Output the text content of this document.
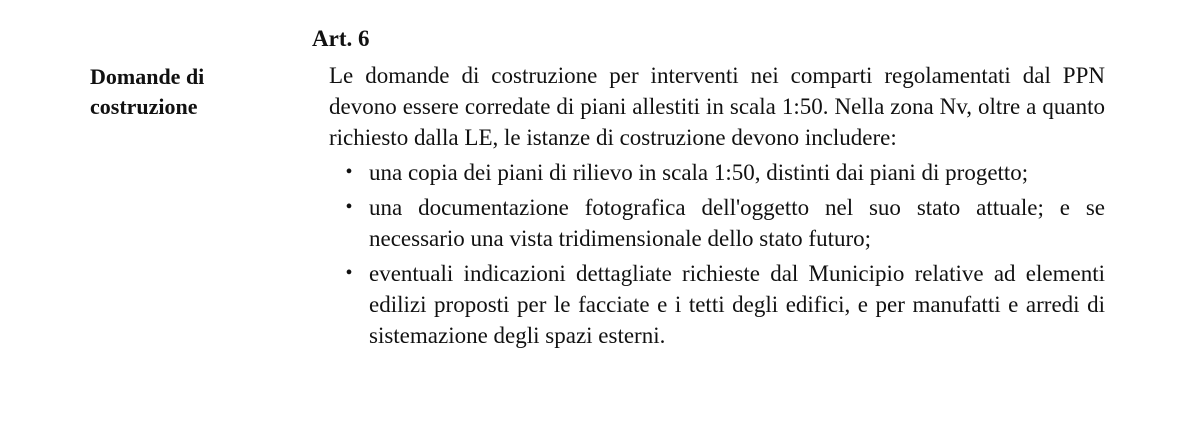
Art. 6
Domande di
costruzione

Le domande di costruzione per interventi nei comparti regolamentati dal PPN devono essere corredate di piani allestiti in scala 1:50. Nella zona Nv, oltre a quanto richiesto dalla LE, le istanze di costruzione devono includere:

• una copia dei piani di rilievo in scala 1:50, distinti dai piani di progetto;
• una documentazione fotografica dell'oggetto nel suo stato attuale; e se necessario una vista tridimensionale dello stato futuro;
• eventuali indicazioni dettagliate richieste dal Municipio relative ad elementi edilizi proposti per le facciate e i tetti degli edifici, e per manufatti e arredi di sistemazione degli spazi esterni.
